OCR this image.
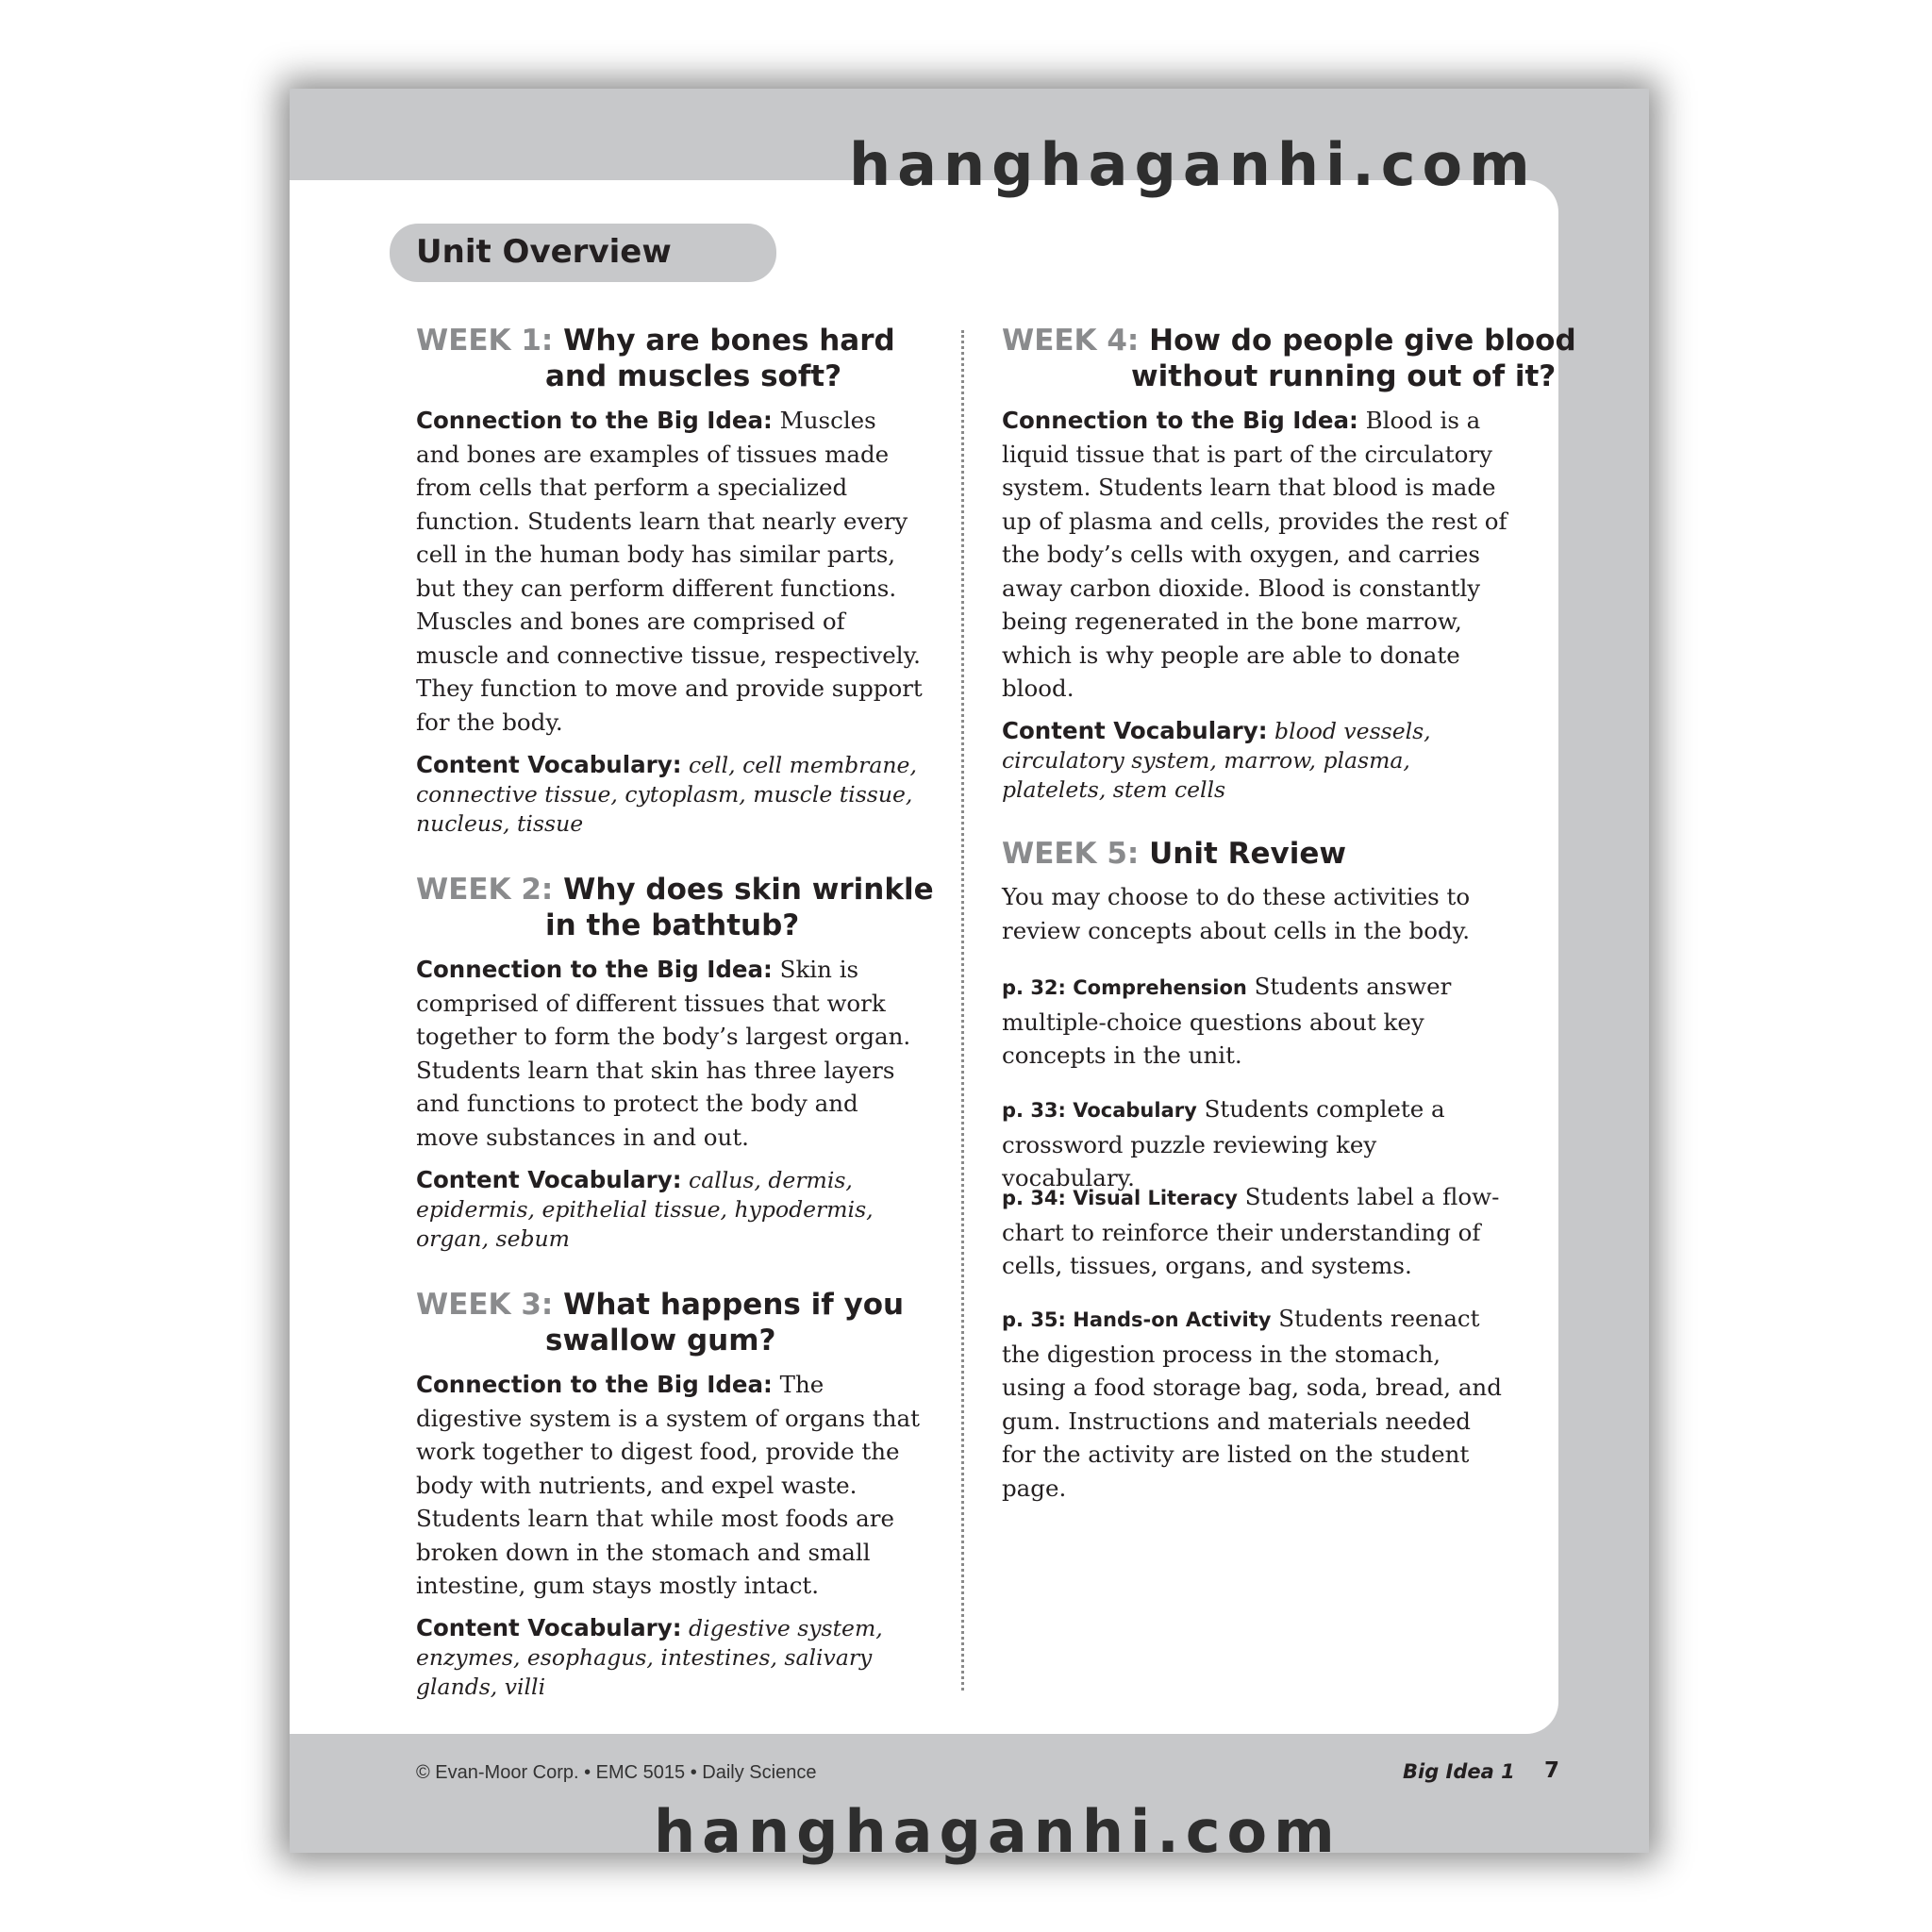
hanghaganhi.com
Unit Overview
WEEK 1: Why are bones hard
and muscles soft?
Connection to the Big Idea: Muscles and bones are examples of tissues made from cells that perform a specialized function. Students learn that nearly every cell in the human body has similar parts, but they can perform different functions. Muscles and bones are comprised of muscle and connective tissue, respectively. They function to move and provide support for the body.
Content Vocabulary: cell, cell membrane, connective tissue, cytoplasm, muscle tissue, nucleus, tissue
WEEK 2: Why does skin wrinkle
in the bathtub?
Connection to the Big Idea: Skin is comprised of different tissues that work together to form the body’s largest organ. Students learn that skin has three layers and functions to protect the body and move substances in and out.
Content Vocabulary: callus, dermis, epidermis, epithelial tissue, hypodermis, organ, sebum
WEEK 3: What happens if you
swallow gum?
Connection to the Big Idea: The digestive system is a system of organs that work together to digest food, provide the body with nutrients, and expel waste. Students learn that while most foods are broken down in the stomach and small intestine, gum stays mostly intact.
Content Vocabulary: digestive system, enzymes, esophagus, intestines, salivary glands, villi
WEEK 4: How do people give blood
without running out of it?
Connection to the Big Idea: Blood is a liquid tissue that is part of the circulatory system. Students learn that blood is made up of plasma and cells, provides the rest of the body’s cells with oxygen, and carries away carbon dioxide. Blood is constantly being regenerated in the bone marrow, which is why people are able to donate blood.
Content Vocabulary: blood vessels, circulatory system, marrow, plasma, platelets, stem cells
WEEK 5: Unit Review
You may choose to do these activities to review concepts about cells in the body.
p. 32: Comprehension Students answer multiple-choice questions about key concepts in the unit.
p. 33: Vocabulary Students complete a crossword puzzle reviewing key vocabulary.
p. 34: Visual Literacy Students label a flow-chart to reinforce their understanding of cells, tissues, organs, and systems.
p. 35: Hands-on Activity Students reenact the digestion process in the stomach, using a food storage bag, soda, bread, and gum. Instructions and materials needed for the activity are listed on the student page.
© Evan-Moor Corp. • EMC 5015 • Daily Science	Big Idea 1 7
hanghaganhi.com
